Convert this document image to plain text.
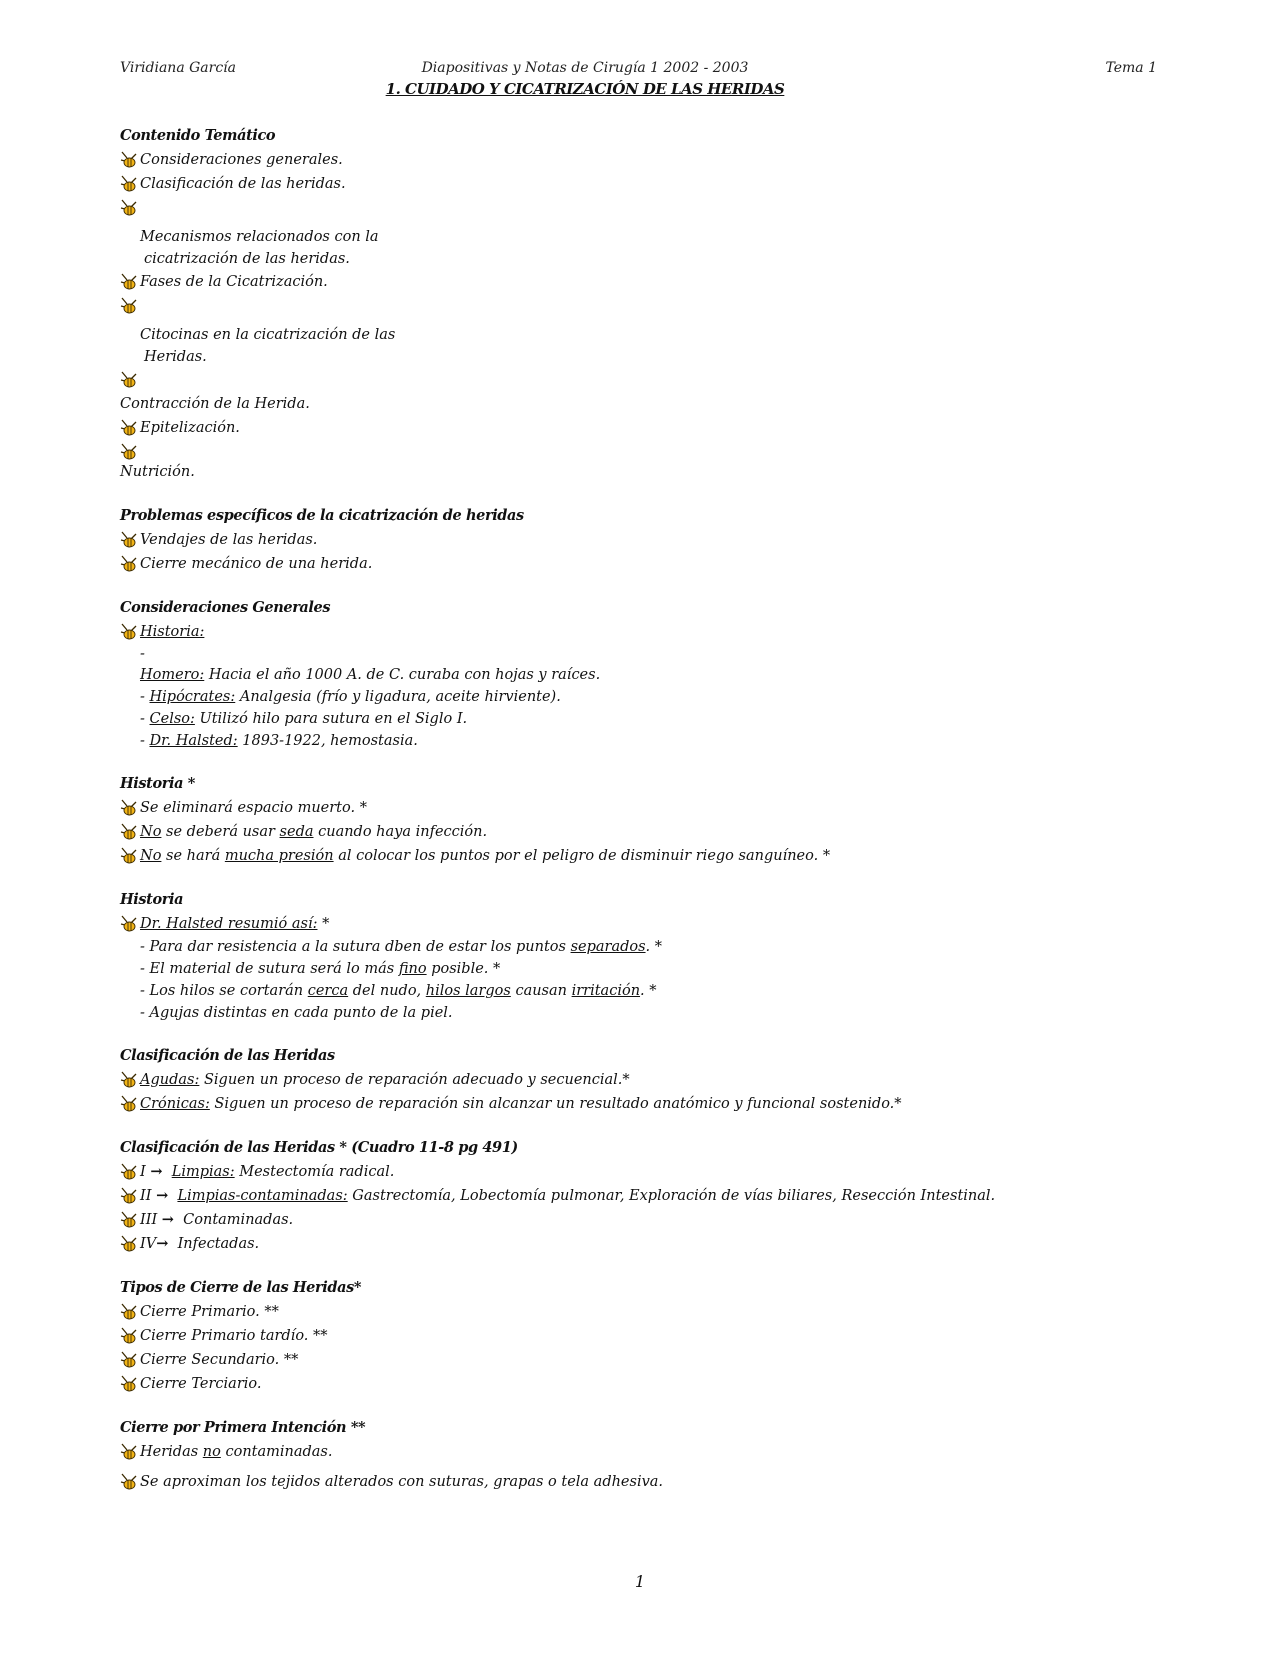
Viridiana García	Diapositivas y Notas de Cirugía 1 2002 - 2003	Tema 1
1. CUIDADO Y CICATRIZACIÓN DE LAS HERIDAS
Contenido Temático
Consideraciones generales.
Clasificación de las heridas.
Mecanismos relacionados con la
cicatrización de las heridas.
Fases de la Cicatrización.
Citocinas en la cicatrización de las
Heridas.
Contracción de la Herida.
Epitelización.
Nutrición.
Problemas específicos de la cicatrización de heridas
Vendajes de las heridas.
Cierre mecánico de una herida.
Consideraciones Generales
Historia:
-
Homero: Hacia el año 1000 A. de C. curaba con hojas y raíces.
- Hipócrates: Analgesia (frío y ligadura, aceite hirviente).
- Celso: Utilizó hilo para sutura en el Siglo I.
- Dr. Halsted: 1893-1922, hemostasia.
Historia *
Se eliminará espacio muerto. *
No se deberá usar seda cuando haya infección.
No se hará mucha presión al colocar los puntos por el peligro de disminuir riego sanguíneo. *
Historia
Dr. Halsted resumió así: *
- Para dar resistencia a la sutura dben de estar los puntos separados. *
- El material de sutura será lo más fino posible. *
- Los hilos se cortarán cerca del nudo, hilos largos causan irritación. *
- Agujas distintas en cada punto de la piel.
Clasificación de las Heridas
Agudas: Siguen un proceso de reparación adecuado y secuencial.*
Crónicas: Siguen un proceso de reparación sin alcanzar un resultado anatómico y funcional sostenido.*
Clasificación de las Heridas * (Cuadro 11-8 pg 491)
I → Limpias: Mestectomía radical.
II → Limpias-contaminadas: Gastrectomía, Lobectomía pulmonar, Exploración de vías biliares, Resección Intestinal.
III →  Contaminadas.
IV→  Infectadas.
Tipos de Cierre de las Heridas*
Cierre Primario. **
Cierre Primario tardío. **
Cierre Secundario. **
Cierre Terciario.
Cierre por Primera Intención **
Heridas no contaminadas.
Se aproximan los tejidos alterados con suturas, grapas o tela adhesiva.
1
